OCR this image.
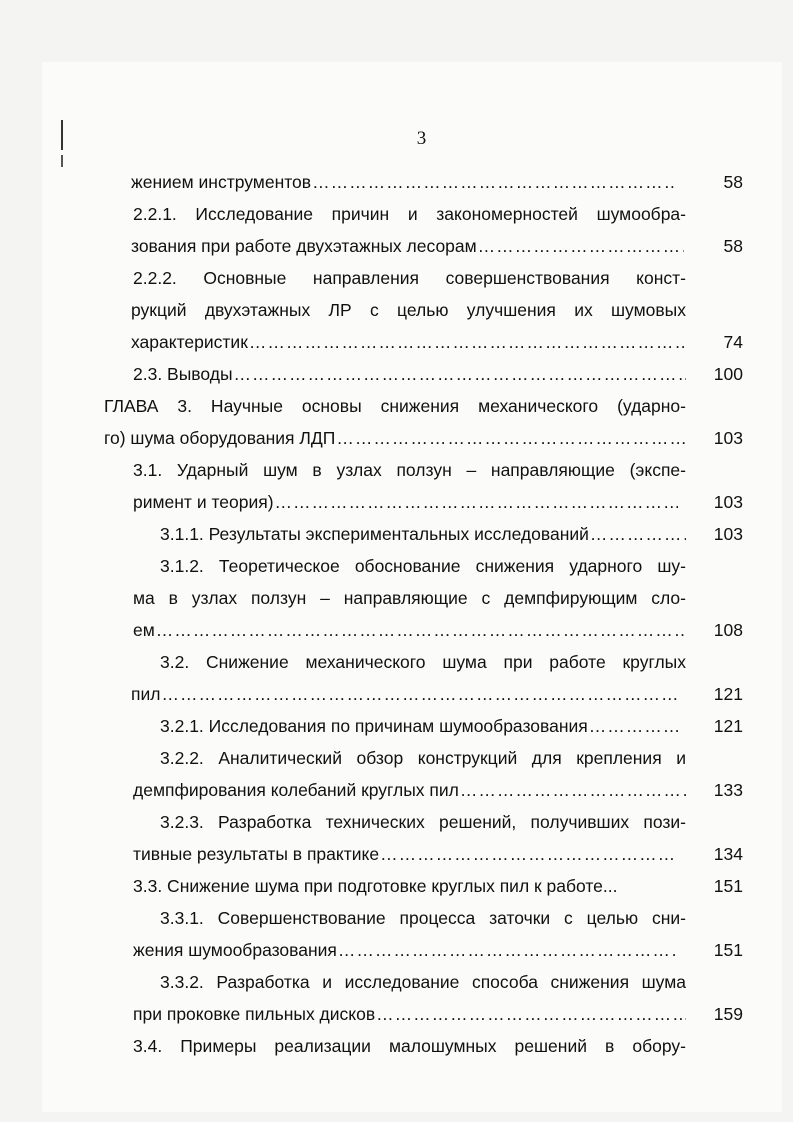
3
жением инструментов ……………………………………………………………………………………………………………………………………	58
2.2.1. Исследование причин и закономерностей шумообра-
зования при работе двухэтажных лесорам ……………………………………………………………………………………………………………………………………	58
2.2.2. Основные направления совершенствования конст-
рукций двухэтажных ЛР с целью улучшения их шумовых
характеристик ……………………………………………………………………………………………………………………………………	74
2.3. Выводы ……………………………………………………………………………………………………………………………………	100
ГЛАВА 3. Научные основы снижения механического (ударно-
го) шума оборудования ЛДП ……………………………………………………………………………………………………………………………………	103
3.1. Ударный шум в узлах ползун – направляющие (экспе-
римент и теория) ……………………………………………………………………………………………………………………………………	103
3.1.1. Результаты экспериментальных исследований ……………………………………………………………………………………………………………………………………	103
3.1.2. Теоретическое обоснование снижения ударного шу-
ма в узлах ползун – направляющие с демпфирующим сло-
ем ……………………………………………………………………………………………………………………………………	108
3.2. Снижение механического шума при работе круглых
пил ……………………………………………………………………………………………………………………………………	121
3.2.1. Исследования по причинам шумообразования ……………………………………………………………………………………………………………………………………	121
3.2.2. Аналитический обзор конструкций для крепления и
демпфирования колебаний круглых пил ……………………………………………………………………………………………………………………………………	133
3.2.3. Разработка технических решений, получивших пози-
тивные результаты в практике ……………………………………………………………………………………………………………………………………	134
3.3. Снижение шума при подготовке круглых пил к работе...	151
3.3.1. Совершенствование процесса заточки с целью сни-
жения шумообразования ……………………………………………………………………………………………………………………………………	151
3.3.2. Разработка и исследование способа снижения шума
при проковке пильных дисков ……………………………………………………………………………………………………………………………………	159
3.4. Примеры реализации малошумных решений в обору-
